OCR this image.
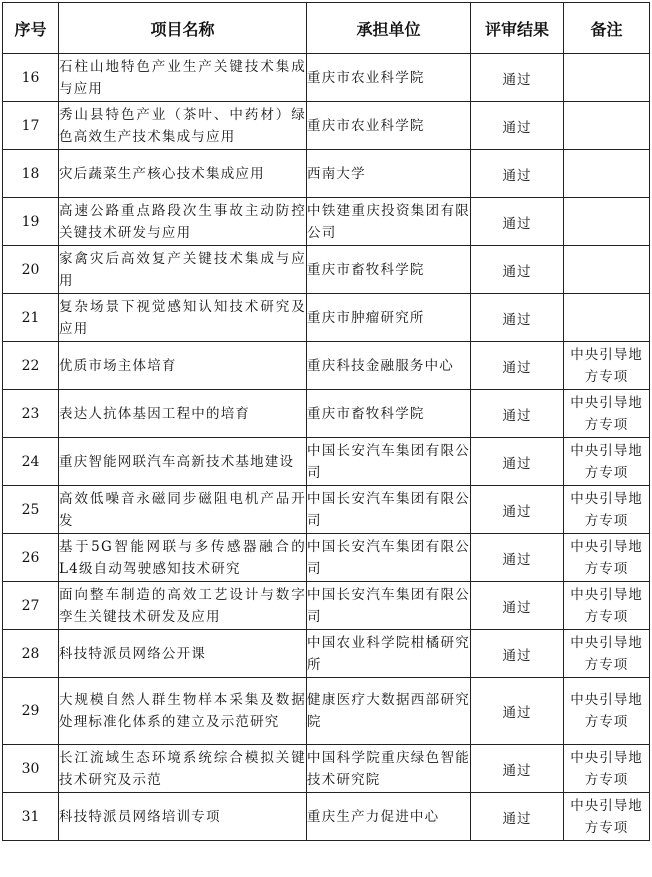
序号	项目名称	承担单位	评审结果	备注
16	石柱山地特色产业生产关键技术集成与应用	重庆市农业科学院	通过	
17	秀山县特色产业（茶叶、中药材）绿色高效生产技术集成与应用	重庆市农业科学院	通过	
18	灾后蔬菜生产核心技术集成应用	西南大学	通过	
19	高速公路重点路段次生事故主动防控关键技术研发与应用	中铁建重庆投资集团有限公司	通过	
20	家禽灾后高效复产关键技术集成与应用	重庆市畜牧科学院	通过	
21	复杂场景下视觉感知认知技术研究及应用	重庆市肿瘤研究所	通过	
22	优质市场主体培育	重庆科技金融服务中心	通过	中央引导地方专项
23	表达人抗体基因工程中的培育	重庆市畜牧科学院	通过	中央引导地方专项
24	重庆智能网联汽车高新技术基地建设	中国长安汽车集团有限公司	通过	中央引导地方专项
25	高效低噪音永磁同步磁阻电机产品开发	中国长安汽车集团有限公司	通过	中央引导地方专项
26	基于5G智能网联与多传感器融合的L4级自动驾驶感知技术研究	中国长安汽车集团有限公司	通过	中央引导地方专项
27	面向整车制造的高效工艺设计与数字孪生关键技术研发及应用	中国长安汽车集团有限公司	通过	中央引导地方专项
28	科技特派员网络公开课	中国农业科学院柑橘研究所	通过	中央引导地方专项
29	大规模自然人群生物样本采集及数据处理标准化体系的建立及示范研究	健康医疗大数据西部研究院	通过	中央引导地方专项
30	长江流域生态环境系统综合模拟关键技术研究及示范	中国科学院重庆绿色智能技术研究院	通过	中央引导地方专项
31	科技特派员网络培训专项	重庆生产力促进中心	通过	中央引导地方专项
